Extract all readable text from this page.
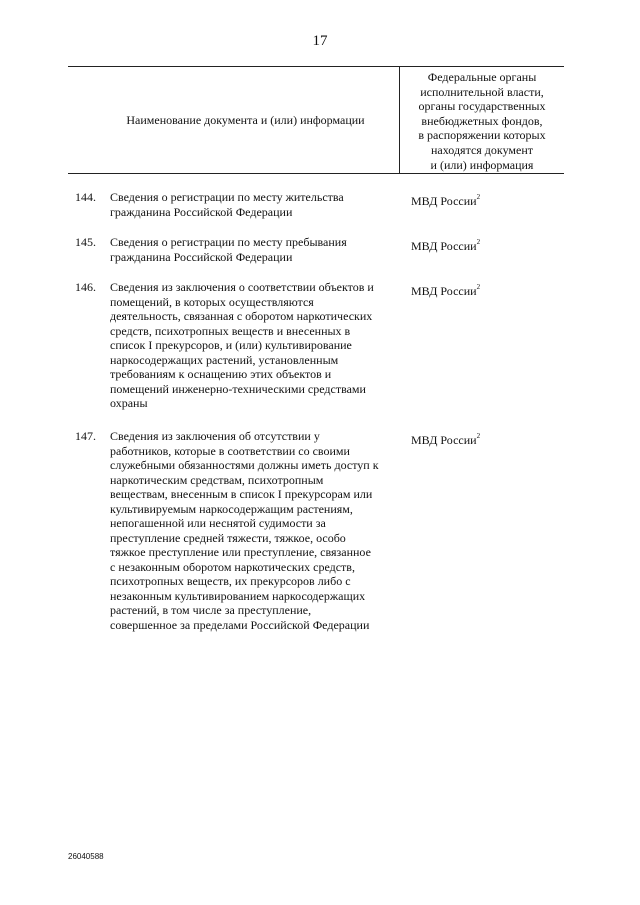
17
Наименование документа и (или) информации
Федеральные органы
исполнительной власти,
органы государственных
внебюджетных фондов,
в распоряжении которых
находятся документ
и (или) информация
144.	Сведения о регистрации по месту жительства
гражданина Российской Федерации
МВД России$^2$
145.	Сведения о регистрации по месту пребывания
гражданина Российской Федерации
МВД России$^2$
146.	Сведения из заключения о соответствии объектов и
помещений, в которых осуществляются
деятельность, связанная с оборотом наркотических
средств, психотропных веществ и внесенных в
список I прекурсоров, и (или) культивирование
наркосодержащих растений, установленным
требованиям к оснащению этих объектов и
помещений инженерно-техническими средствами
охраны
МВД России$^2$
147.	Сведения из заключения об отсутствии у
работников, которые в соответствии со своими
служебными обязанностями должны иметь доступ к
наркотическим средствам, психотропным
веществам, внесенным в список I прекурсорам или
культивируемым наркосодержащим растениям,
непогашенной или неснятой судимости за
преступление средней тяжести, тяжкое, особо
тяжкое преступление или преступление, связанное
с незаконным оборотом наркотических средств,
психотропных веществ, их прекурсоров либо с
незаконным культивированием наркосодержащих
растений, в том числе за преступление,
совершенное за пределами Российской Федерации
МВД России$^2$
26040588
